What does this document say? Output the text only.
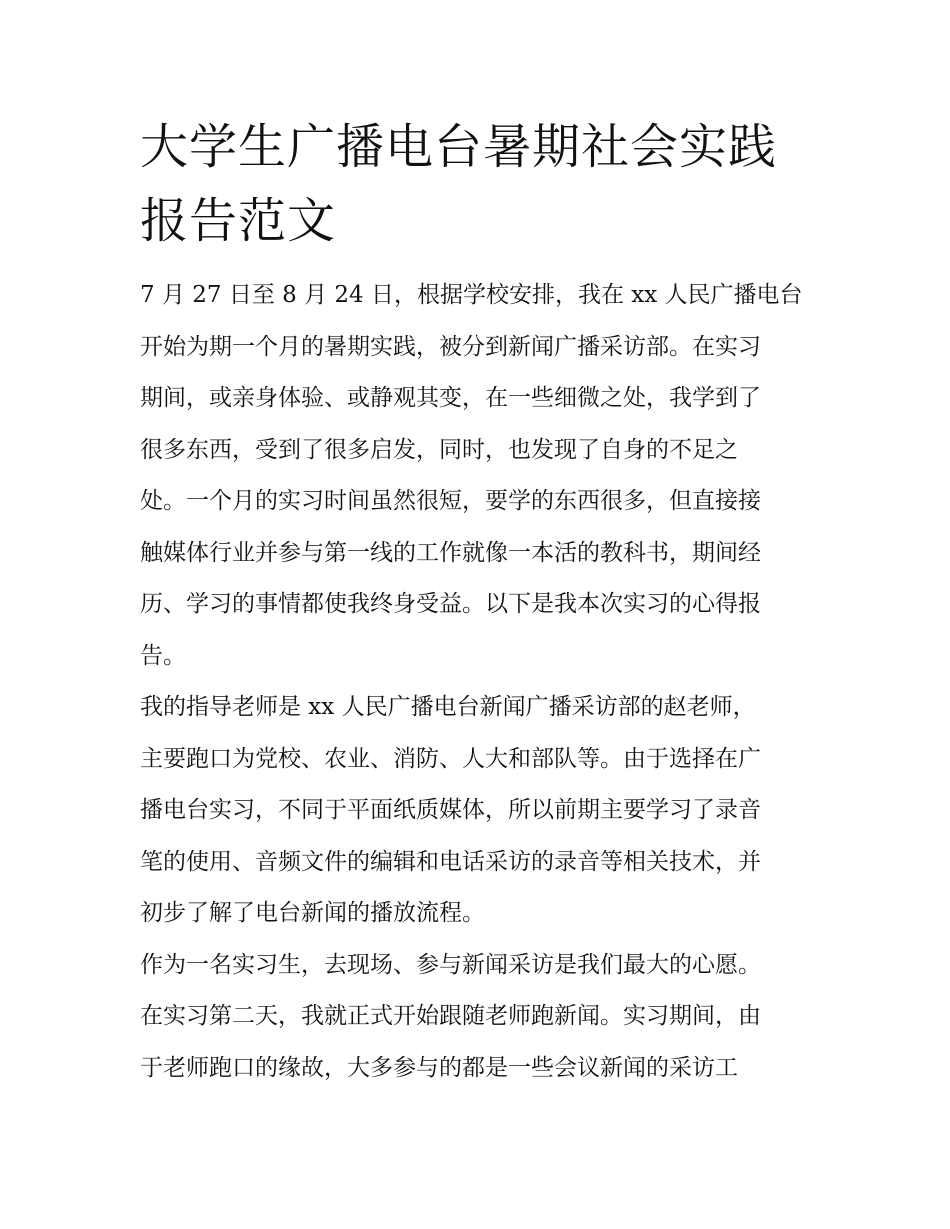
大学生广播电台暑期社会实践
报告范文

7 月 27 日至 8 月 24 日，根据学校安排，我在 xx 人民广播电台
开始为期一个月的暑期实践，被分到新闻广播采访部。在实习
期间，或亲身体验、或静观其变，在一些细微之处，我学到了
很多东西，受到了很多启发，同时，也发现了自身的不足之
处。一个月的实习时间虽然很短，要学的东西很多，但直接接
触媒体行业并参与第一线的工作就像一本活的教科书，期间经
历、学习的事情都使我终身受益。以下是我本次实习的心得报
告。

我的指导老师是 xx 人民广播电台新闻广播采访部的赵老师，
主要跑口为党校、农业、消防、人大和部队等。由于选择在广
播电台实习，不同于平面纸质媒体，所以前期主要学习了录音
笔的使用、音频文件的编辑和电话采访的录音等相关技术，并
初步了解了电台新闻的播放流程。

作为一名实习生，去现场、参与新闻采访是我们最大的心愿。
在实习第二天，我就正式开始跟随老师跑新闻。实习期间，由
于老师跑口的缘故，大多参与的都是一些会议新闻的采访工
